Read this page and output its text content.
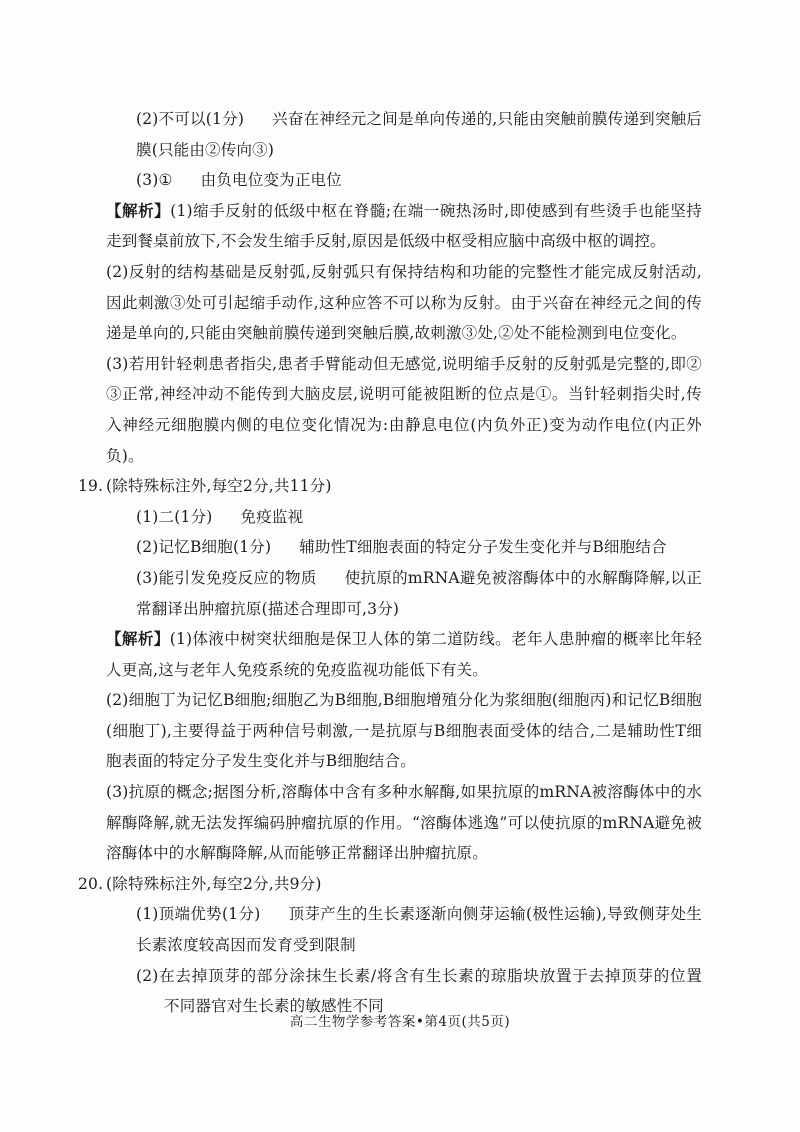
(2)不可以(1分) 兴奋在神经元之间是单向传递的,只能由突触前膜传递到突触后膜(只能由②传向③)

(3)① 由负电位变为正电位

【解析】(1)缩手反射的低级中枢在脊髓;在端一碗热汤时,即使感到有些烫手也能坚持走到餐桌前放下,不会发生缩手反射,原因是低级中枢受相应脑中高级中枢的调控。

(2)反射的结构基础是反射弧,反射弧只有保持结构和功能的完整性才能完成反射活动,因此刺激③处可引起缩手动作,这种应答不可以称为反射。由于兴奋在神经元之间的传递是单向的,只能由突触前膜传递到突触后膜,故刺激③处,②处不能检测到电位变化。

(3)若用针轻刺患者指尖,患者手臂能动但无感觉,说明缩手反射的反射弧是完整的,即②③正常,神经冲动不能传到大脑皮层,说明可能被阻断的位点是①。当针轻刺指尖时,传入神经元细胞膜内侧的电位变化情况为:由静息电位(内负外正)变为动作电位(内正外负)。

19. (除特殊标注外,每空2分,共11分)

(1)二(1分) 免疫监视

(2)记忆B细胞(1分) 辅助性T细胞表面的特定分子发生变化并与B细胞结合

(3)能引发免疫反应的物质 使抗原的mRNA避免被溶酶体中的水解酶降解,以正常翻译出肿瘤抗原(描述合理即可,3分)

【解析】(1)体液中树突状细胞是保卫人体的第二道防线。老年人患肿瘤的概率比年轻人更高,这与老年人免疫系统的免疫监视功能低下有关。

(2)细胞丁为记忆B细胞;细胞乙为B细胞,B细胞增殖分化为浆细胞(细胞丙)和记忆B细胞(细胞丁),主要得益于两种信号刺激,一是抗原与B细胞表面受体的结合,二是辅助性T细胞表面的特定分子发生变化并与B细胞结合。

(3)抗原的概念;据图分析,溶酶体中含有多种水解酶,如果抗原的mRNA被溶酶体中的水解酶降解,就无法发挥编码肿瘤抗原的作用。“溶酶体逃逸”可以使抗原的mRNA避免被溶酶体中的水解酶降解,从而能够正常翻译出肿瘤抗原。

20. (除特殊标注外,每空2分,共9分)

(1)顶端优势(1分) 顶芽产生的生长素逐渐向侧芽运输(极性运输),导致侧芽处生长素浓度较高因而发育受到限制

(2)在去掉顶芽的部分涂抹生长素/将含有生长素的琼脂块放置于去掉顶芽的位置不同器官对生长素的敏感性不同

高二生物学参考答案•第4页(共5页)
